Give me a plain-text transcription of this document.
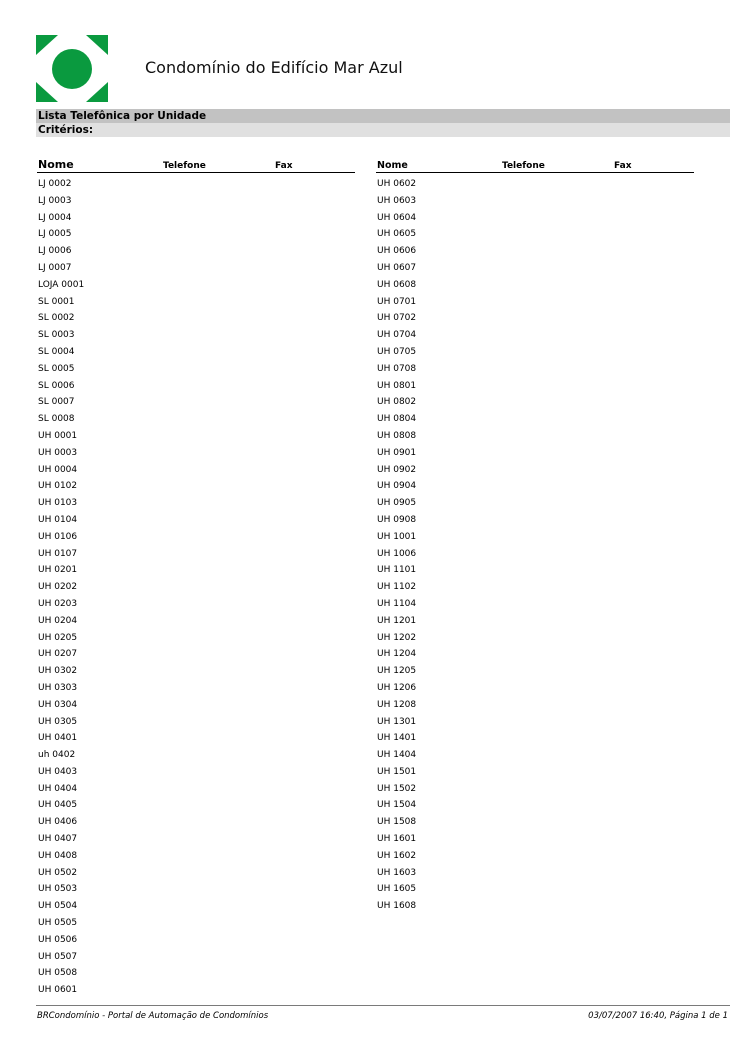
Condomínio do Edifício Mar Azul
Lista Telefônica por Unidade
Critérios:
Nome	Telefone	Fax
LJ 0002
LJ 0003
LJ 0004
LJ 0005
LJ 0006
LJ 0007
LOJA 0001
SL 0001
SL 0002
SL 0003
SL 0004
SL 0005
SL 0006
SL 0007
SL 0008
UH 0001
UH 0003
UH 0004
UH 0102
UH 0103
UH 0104
UH 0106
UH 0107
UH 0201
UH 0202
UH 0203
UH 0204
UH 0205
UH 0207
UH 0302
UH 0303
UH 0304
UH 0305
UH 0401
uh 0402
UH 0403
UH 0404
UH 0405
UH 0406
UH 0407
UH 0408
UH 0502
UH 0503
UH 0504
UH 0505
UH 0506
UH 0507
UH 0508
UH 0601
Nome	Telefone	Fax
UH 0602
UH 0603
UH 0604
UH 0605
UH 0606
UH 0607
UH 0608
UH 0701
UH 0702
UH 0704
UH 0705
UH 0708
UH 0801
UH 0802
UH 0804
UH 0808
UH 0901
UH 0902
UH 0904
UH 0905
UH 0908
UH 1001
UH 1006
UH 1101
UH 1102
UH 1104
UH 1201
UH 1202
UH 1204
UH 1205
UH 1206
UH 1208
UH 1301
UH 1401
UH 1404
UH 1501
UH 1502
UH 1504
UH 1508
UH 1601
UH 1602
UH 1603
UH 1605
UH 1608
BRCondomínio - Portal de Automação de Condomínios	03/07/2007 16:40, Página 1 de 1
